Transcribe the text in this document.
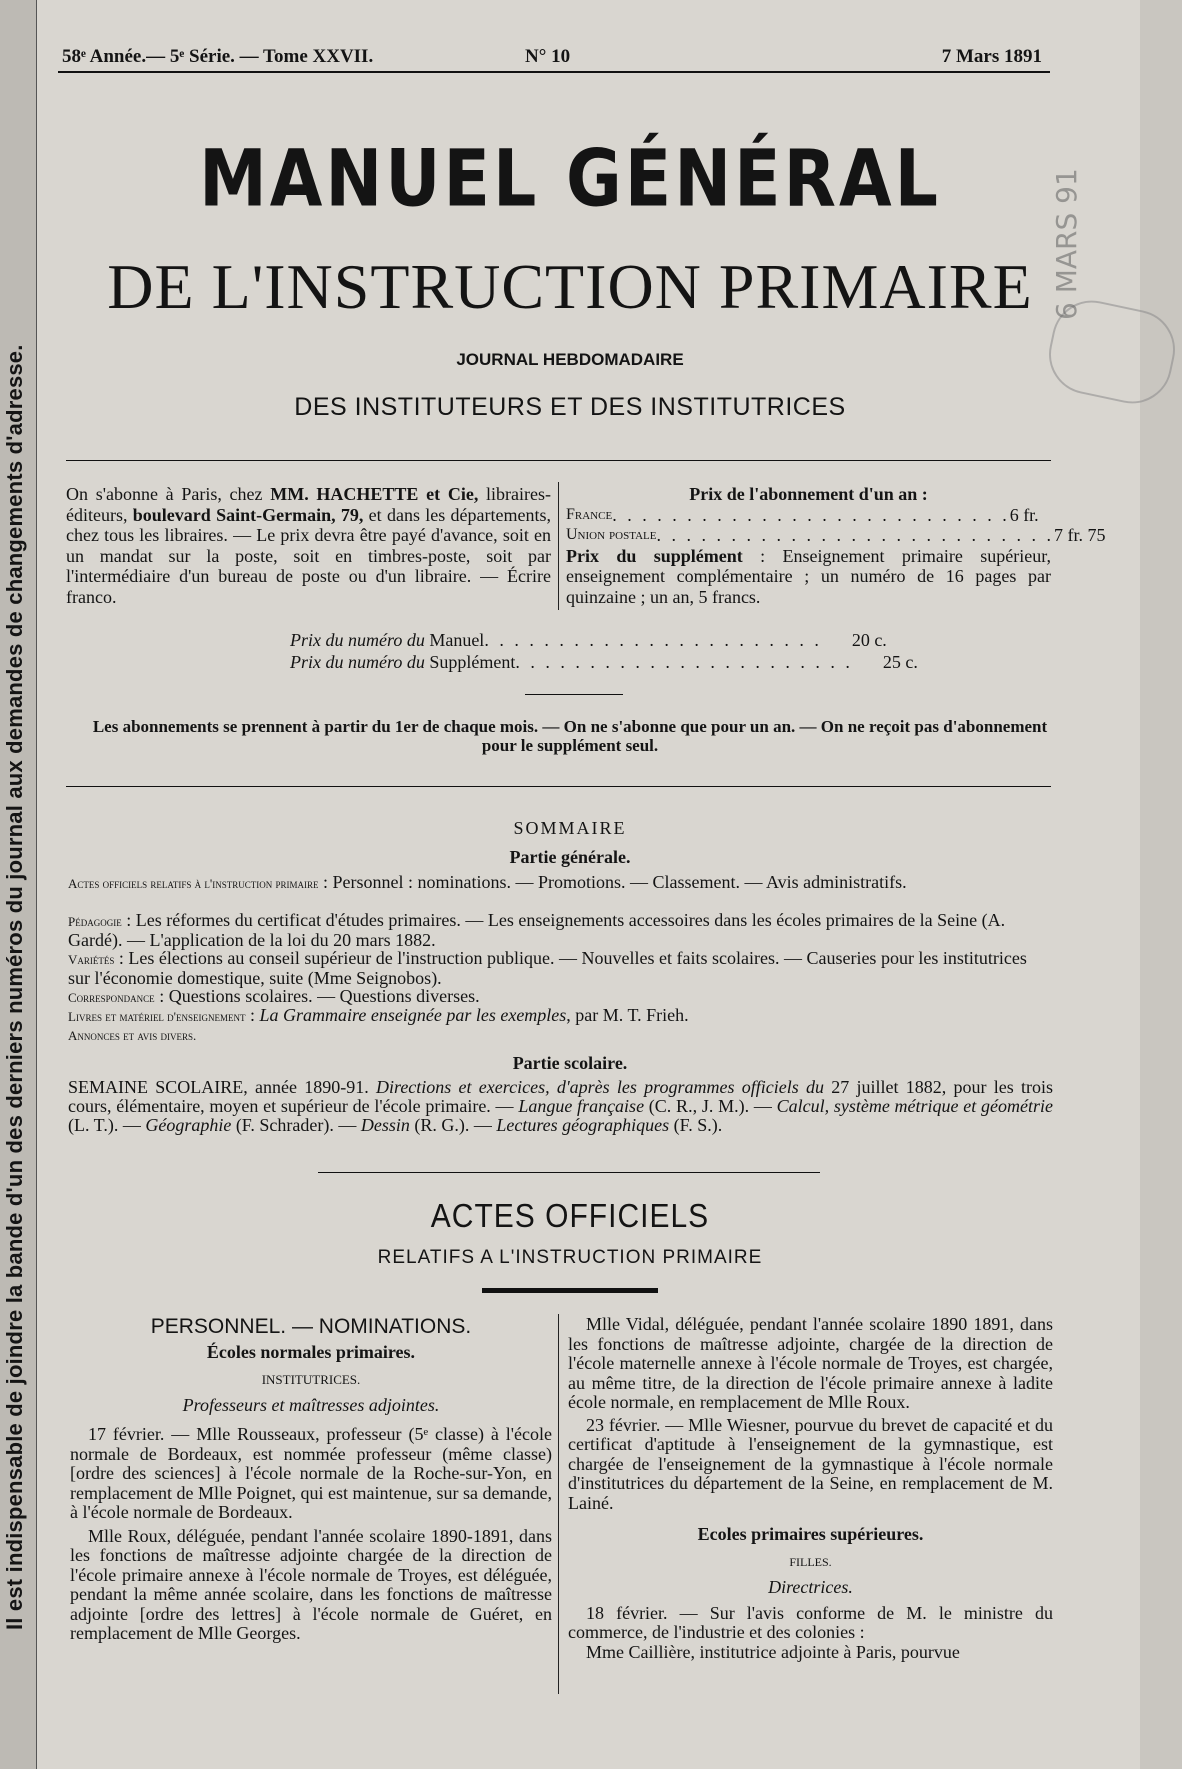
Il est indispensable de joindre la bande d'un des derniers numéros du journal aux demandes de changements d'adresse.
6 MARS 91
58ᵉ Année.— 5ᵉ Série. — Tome XXVII.	N° 10	7 Mars 1891
MANUEL GÉNÉRAL
DE L'INSTRUCTION PRIMAIRE
JOURNAL HEBDOMADAIRE
DES INSTITUTEURS ET DES INSTITUTRICES
On s'abonne à Paris, chez MM. HACHETTE et Cie, libraires-éditeurs, boulevard Saint-Germain, 79, et dans les départements, chez tous les libraires. — Le prix devra être payé d'avance, soit en un mandat sur la poste, soit en timbres-poste, soit par l'intermédiaire d'un bureau de poste ou d'un libraire. — Écrire franco.
Prix de l'abonnement d'un an :
France . . . . . . . . . . . . . . . . . . . . . . . . . . . 6 fr.
Union postale . . . . . . . . . . . . . . . . . . . . . . . . . . . 7 fr. 75
Prix du supplément : Enseignement primaire supérieur, enseignement complémentaire ; un numéro de 16 pages par quinzaine ; un an, 5 francs.
Prix du numéro du Manuel . . . . . . . . . . . . . . . . . . . . . . .	20 c.
Prix du numéro du Supplément . . . . . . . . . . . . . . . . . . . . . . .	25 c.
Les abonnements se prennent à partir du 1er de chaque mois. — On ne s'abonne que pour un an. — On ne reçoit pas d'abonnement pour le supplément seul.
SOMMAIRE
Partie générale.
Actes officiels relatifs à l'instruction primaire : Personnel : nominations. — Promotions. — Classement. — Avis administratifs.
Pédagogie : Les réformes du certificat d'études primaires. — Les enseignements accessoires dans les écoles primaires de la Seine (A. Gardé). — L'application de la loi du 20 mars 1882.
Variétés : Les élections au conseil supérieur de l'instruction publique. — Nouvelles et faits scolaires. — Causeries pour les institutrices sur l'économie domestique, suite (Mme Seignobos).
Correspondance : Questions scolaires. — Questions diverses.
Livres et matériel d'enseignement : La Grammaire enseignée par les exemples, par M. T. Frieh.
Annonces et avis divers.
Partie scolaire.
SEMAINE SCOLAIRE, année 1890-91. Directions et exercices, d'après les programmes officiels du 27 juillet 1882, pour les trois cours, élémentaire, moyen et supérieur de l'école primaire. — Langue française (C. R., J. M.). — Calcul, système métrique et géométrie (L. T.). — Géographie (F. Schrader). — Dessin (R. G.). — Lectures géographiques (F. S.).
ACTES OFFICIELS
RELATIFS A L'INSTRUCTION PRIMAIRE
PERSONNEL. — NOMINATIONS.
Écoles normales primaires.
INSTITUTRICES.
Professeurs et maîtresses adjointes.

17 février. — Mlle Rousseaux, professeur (5ᵉ classe) à l'école normale de Bordeaux, est nommée professeur (même classe) [ordre des sciences] à l'école normale de la Roche-sur-Yon, en remplacement de Mlle Poignet, qui est maintenue, sur sa demande, à l'école normale de Bordeaux.

Mlle Roux, déléguée, pendant l'année scolaire 1890-1891, dans les fonctions de maîtresse adjointe chargée de la direction de l'école primaire annexe à l'école normale de Troyes, est déléguée, pendant la même année scolaire, dans les fonctions de maîtresse adjointe [ordre des lettres] à l'école normale de Guéret, en remplacement de Mlle Georges.

Mlle Vidal, déléguée, pendant l'année scolaire 1890 1891, dans les fonctions de maîtresse adjointe, chargée de la direction de l'école maternelle annexe à l'école normale de Troyes, est chargée, au même titre, de la direction de l'école primaire annexe à ladite école normale, en remplacement de Mlle Roux.

23 février. — Mlle Wiesner, pourvue du brevet de capacité et du certificat d'aptitude à l'enseignement de la gymnastique, est chargée de l'enseignement de la gymnastique à l'école normale d'institutrices du département de la Seine, en remplacement de M. Lainé.

Ecoles primaires supérieures.
FILLES.
Directrices.

18 février. — Sur l'avis conforme de M. le ministre du commerce, de l'industrie et des colonies :

Mme Caillière, institutrice adjointe à Paris, pourvue
